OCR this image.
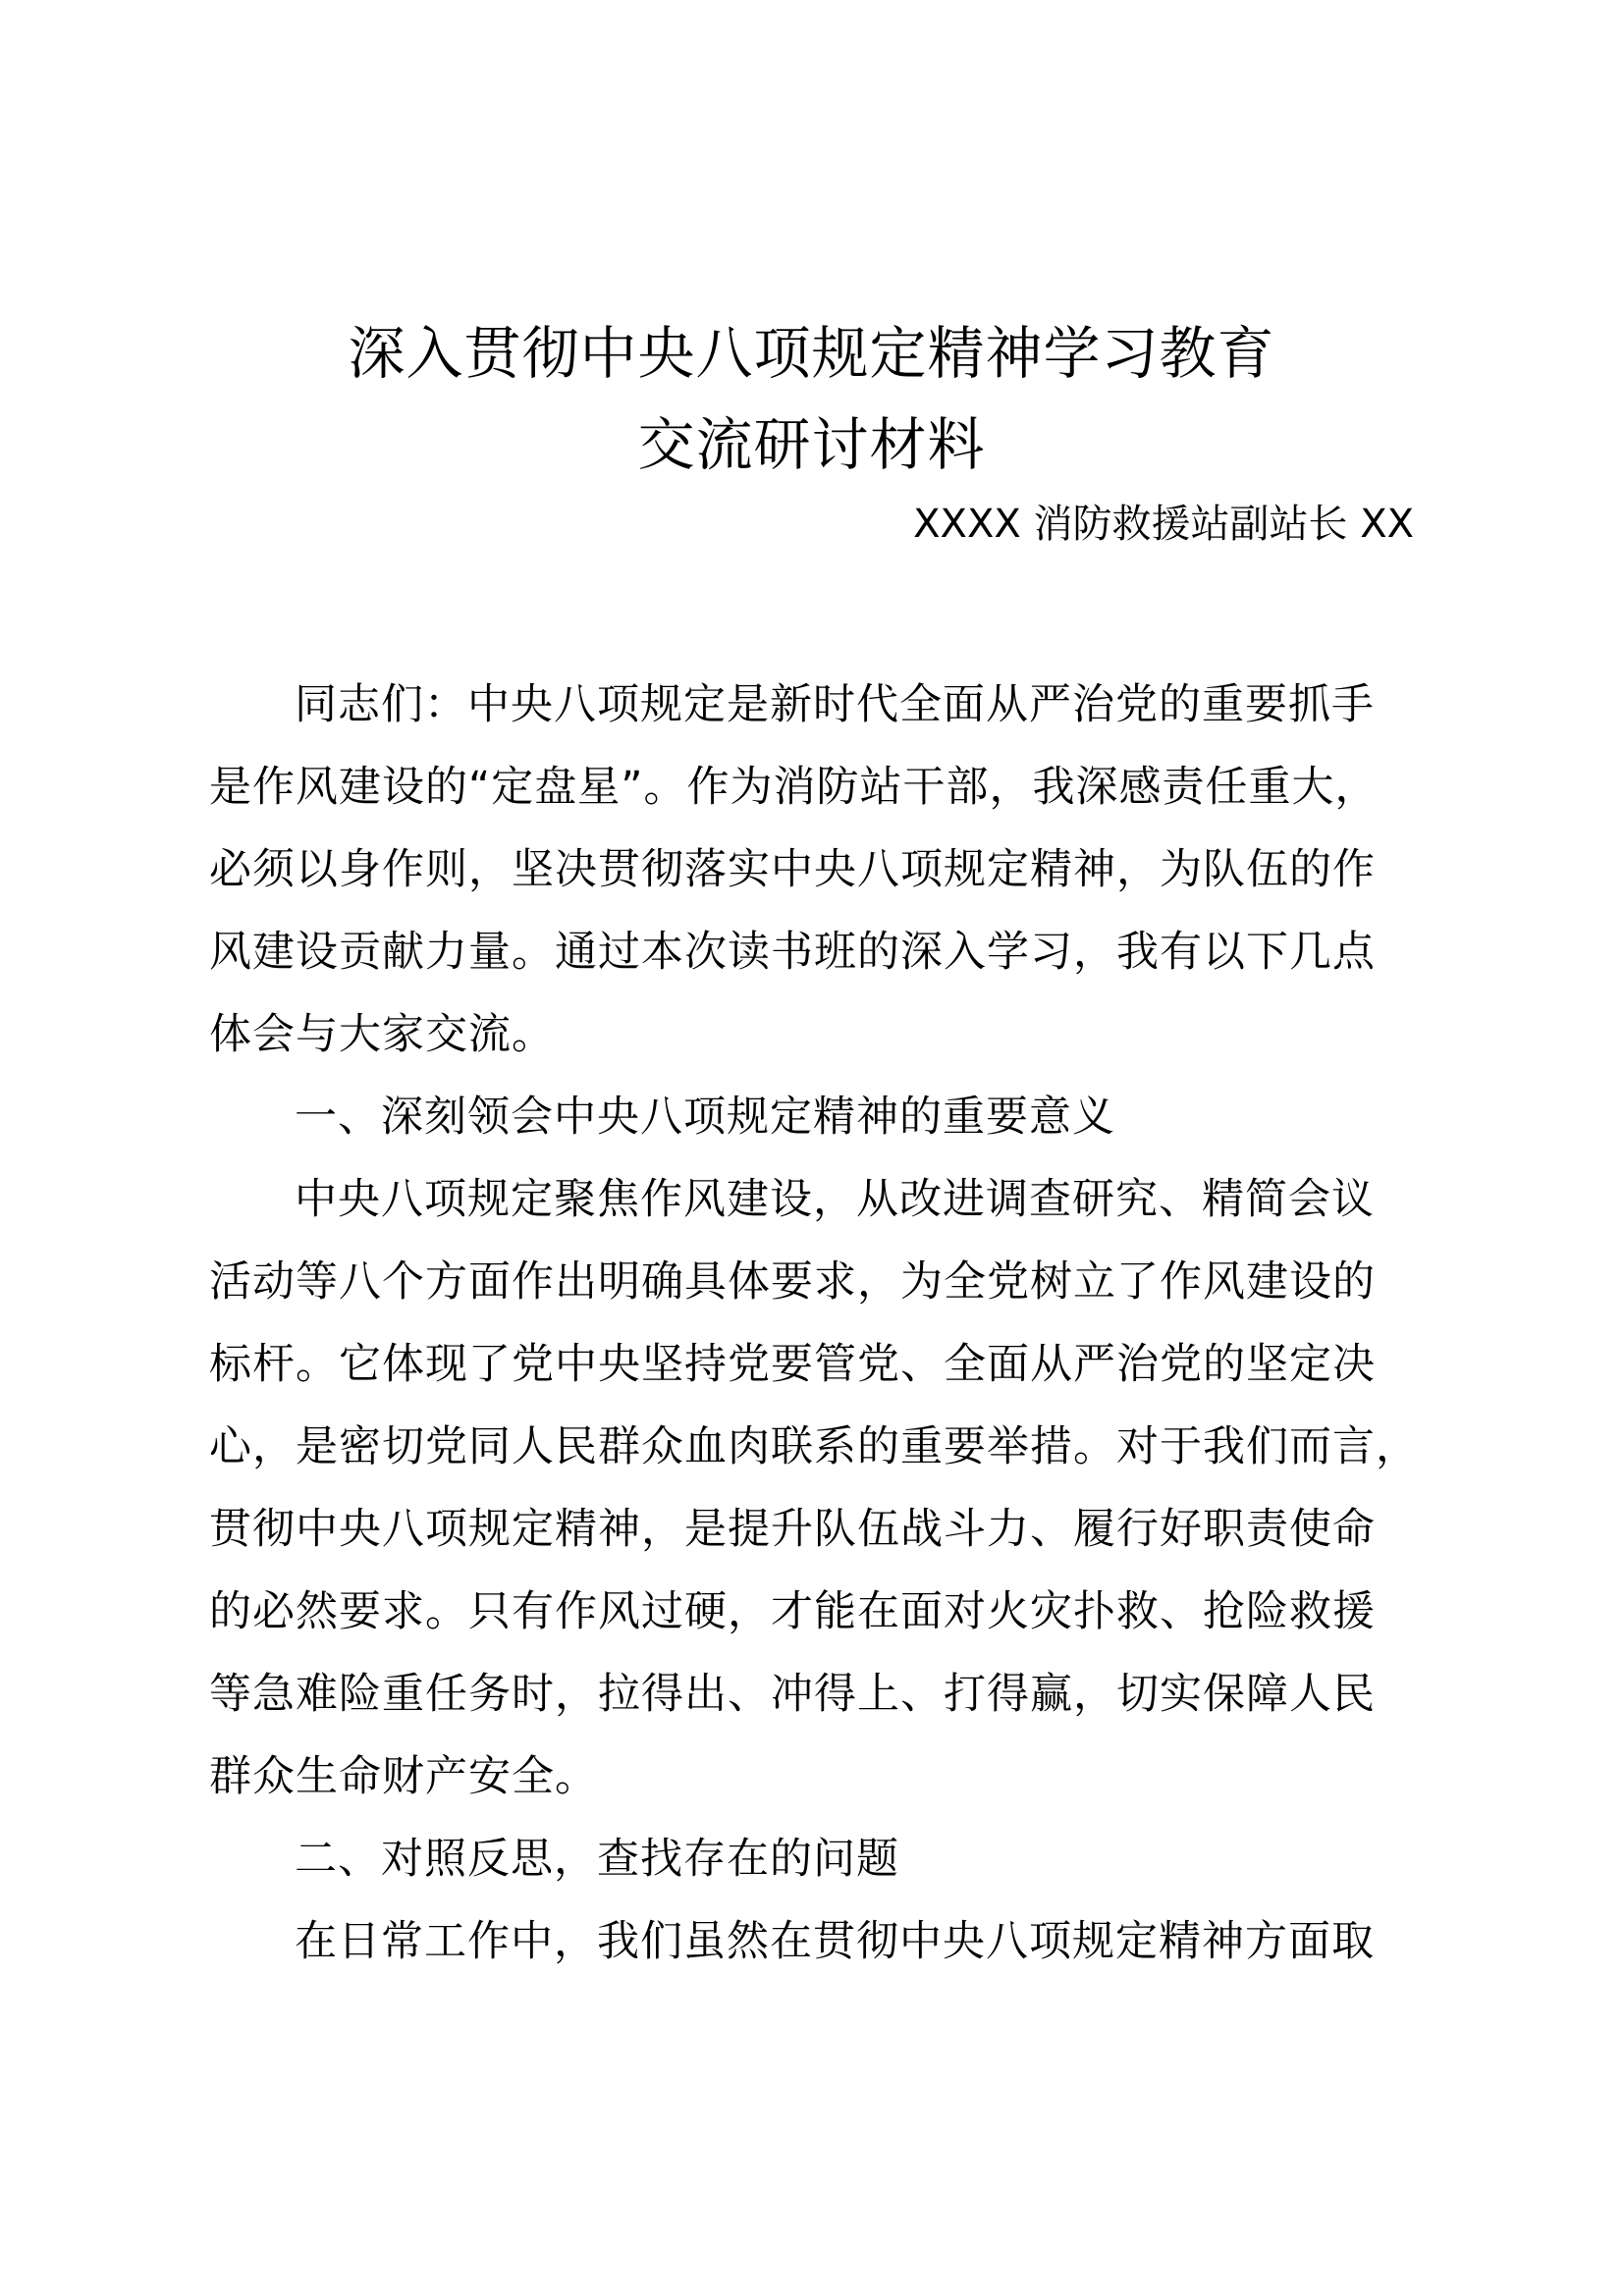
深入贯彻中央八项规定精神学习教育
交流研讨材料
XXXX 消防救援站副站长 XX
同志们：中央八项规定是新时代全面从严治党的重要抓手
是作风建设的“定盘星”。作为消防站干部，我深感责任重大，
必须以身作则，坚决贯彻落实中央八项规定精神，为队伍的作
风建设贡献力量。通过本次读书班的深入学习，我有以下几点
体会与大家交流。
一、深刻领会中央八项规定精神的重要意义
中央八项规定聚焦作风建设，从改进调查研究、精简会议
活动等八个方面作出明确具体要求，为全党树立了作风建设的
标杆。它体现了党中央坚持党要管党、全面从严治党的坚定决
心，是密切党同人民群众血肉联系的重要举措。对于我们而言，
贯彻中央八项规定精神，是提升队伍战斗力、履行好职责使命
的必然要求。只有作风过硬，才能在面对火灾扑救、抢险救援
等急难险重任务时，拉得出、冲得上、打得赢，切实保障人民
群众生命财产安全。
二、对照反思，查找存在的问题
在日常工作中，我们虽然在贯彻中央八项规定精神方面取
